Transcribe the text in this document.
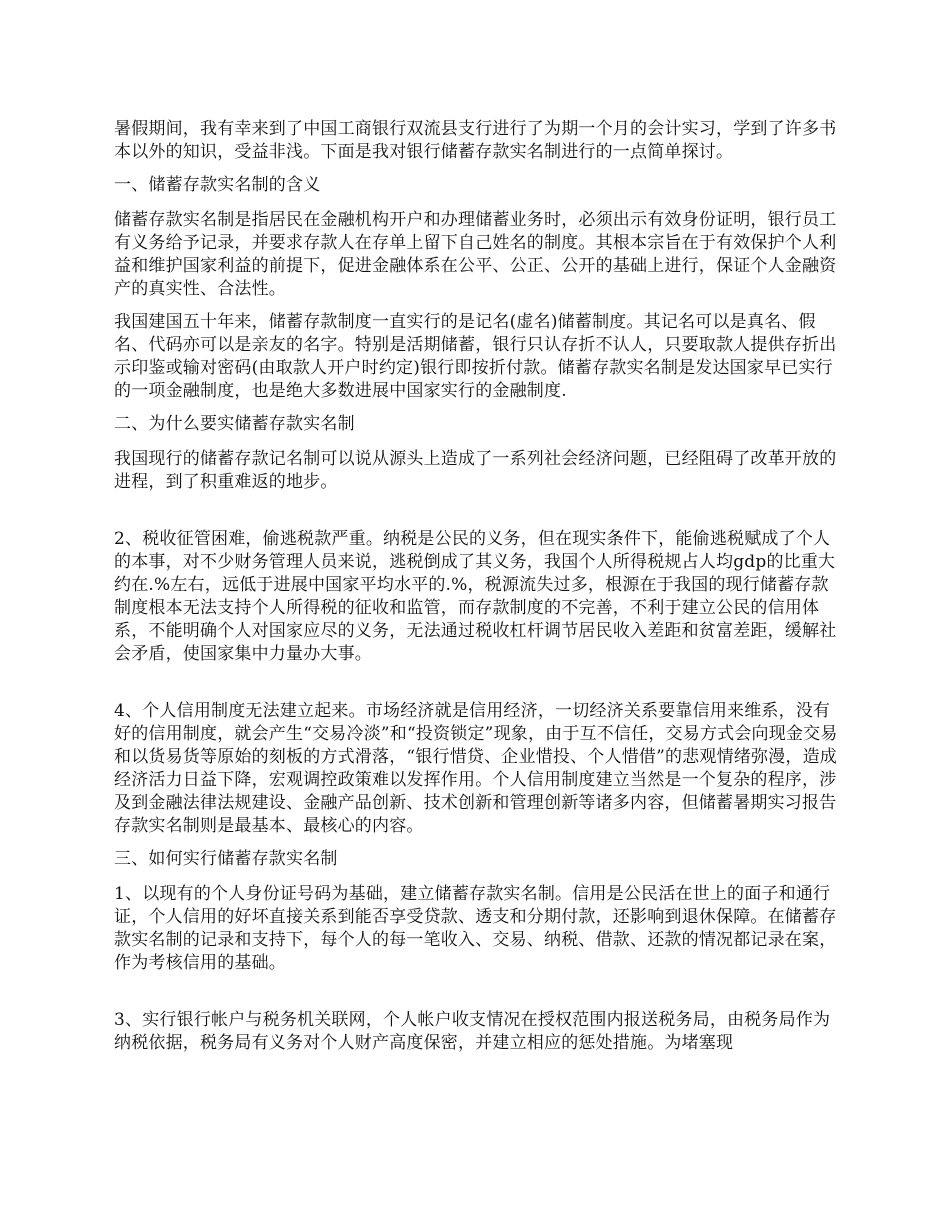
暑假期间，我有幸来到了中国工商银行双流县支行进行了为期一个月的会计实习，学到了许多书本以外的知识，受益非浅。下面是我对银行储蓄存款实名制进行的一点简单探讨。

一、储蓄存款实名制的含义

储蓄存款实名制是指居民在金融机构开户和办理储蓄业务时，必须出示有效身份证明，银行员工有义务给予记录，并要求存款人在存单上留下自己姓名的制度。其根本宗旨在于有效保护个人利益和维护国家利益的前提下，促进金融体系在公平、公正、公开的基础上进行，保证个人金融资产的真实性、合法性。

我国建国五十年来，储蓄存款制度一直实行的是记名(虚名)储蓄制度。其记名可以是真名、假名、代码亦可以是亲友的名字。特别是活期储蓄，银行只认存折不认人，只要取款人提供存折出示印鉴或输对密码(由取款人开户时约定)银行即按折付款。储蓄存款实名制是发达国家早已实行的一项金融制度，也是绝大多数进展中国家实行的金融制度.

二、为什么要实储蓄存款实名制

我国现行的储蓄存款记名制可以说从源头上造成了一系列社会经济问题，已经阻碍了改革开放的进程，到了积重难返的地步。

2、税收征管困难，偷逃税款严重。纳税是公民的义务，但在现实条件下，能偷逃税赋成了个人的本事，对不少财务管理人员来说，逃税倒成了其义务，我国个人所得税规占人均gdp的比重大约在.%左右，远低于进展中国家平均水平的.%，税源流失过多，根源在于我国的现行储蓄存款制度根本无法支持个人所得税的征收和监管，而存款制度的不完善，不利于建立公民的信用体系，不能明确个人对国家应尽的义务，无法通过税收杠杆调节居民收入差距和贫富差距，缓解社会矛盾，使国家集中力量办大事。

4、个人信用制度无法建立起来。市场经济就是信用经济，一切经济关系要靠信用来维系，没有好的信用制度，就会产生“交易冷淡”和“投资锁定”现象，由于互不信任，交易方式会向现金交易和以货易货等原始的刻板的方式滑落，“银行惜贷、企业惜投、个人惜借”的悲观情绪弥漫，造成经济活力日益下降，宏观调控政策难以发挥作用。个人信用制度建立当然是一个复杂的程序，涉及到金融法律法规建设、金融产品创新、技术创新和管理创新等诸多内容，但储蓄暑期实习报告存款实名制则是最基本、最核心的内容。

三、如何实行储蓄存款实名制

1、以现有的个人身份证号码为基础，建立储蓄存款实名制。信用是公民活在世上的面子和通行证，个人信用的好坏直接关系到能否享受贷款、透支和分期付款，还影响到退休保障。在储蓄存款实名制的记录和支持下，每个人的每一笔收入、交易、纳税、借款、还款的情况都记录在案，作为考核信用的基础。

3、实行银行帐户与税务机关联网，个人帐户收支情况在授权范围内报送税务局，由税务局作为纳税依据，税务局有义务对个人财产高度保密，并建立相应的惩处措施。为堵塞现
